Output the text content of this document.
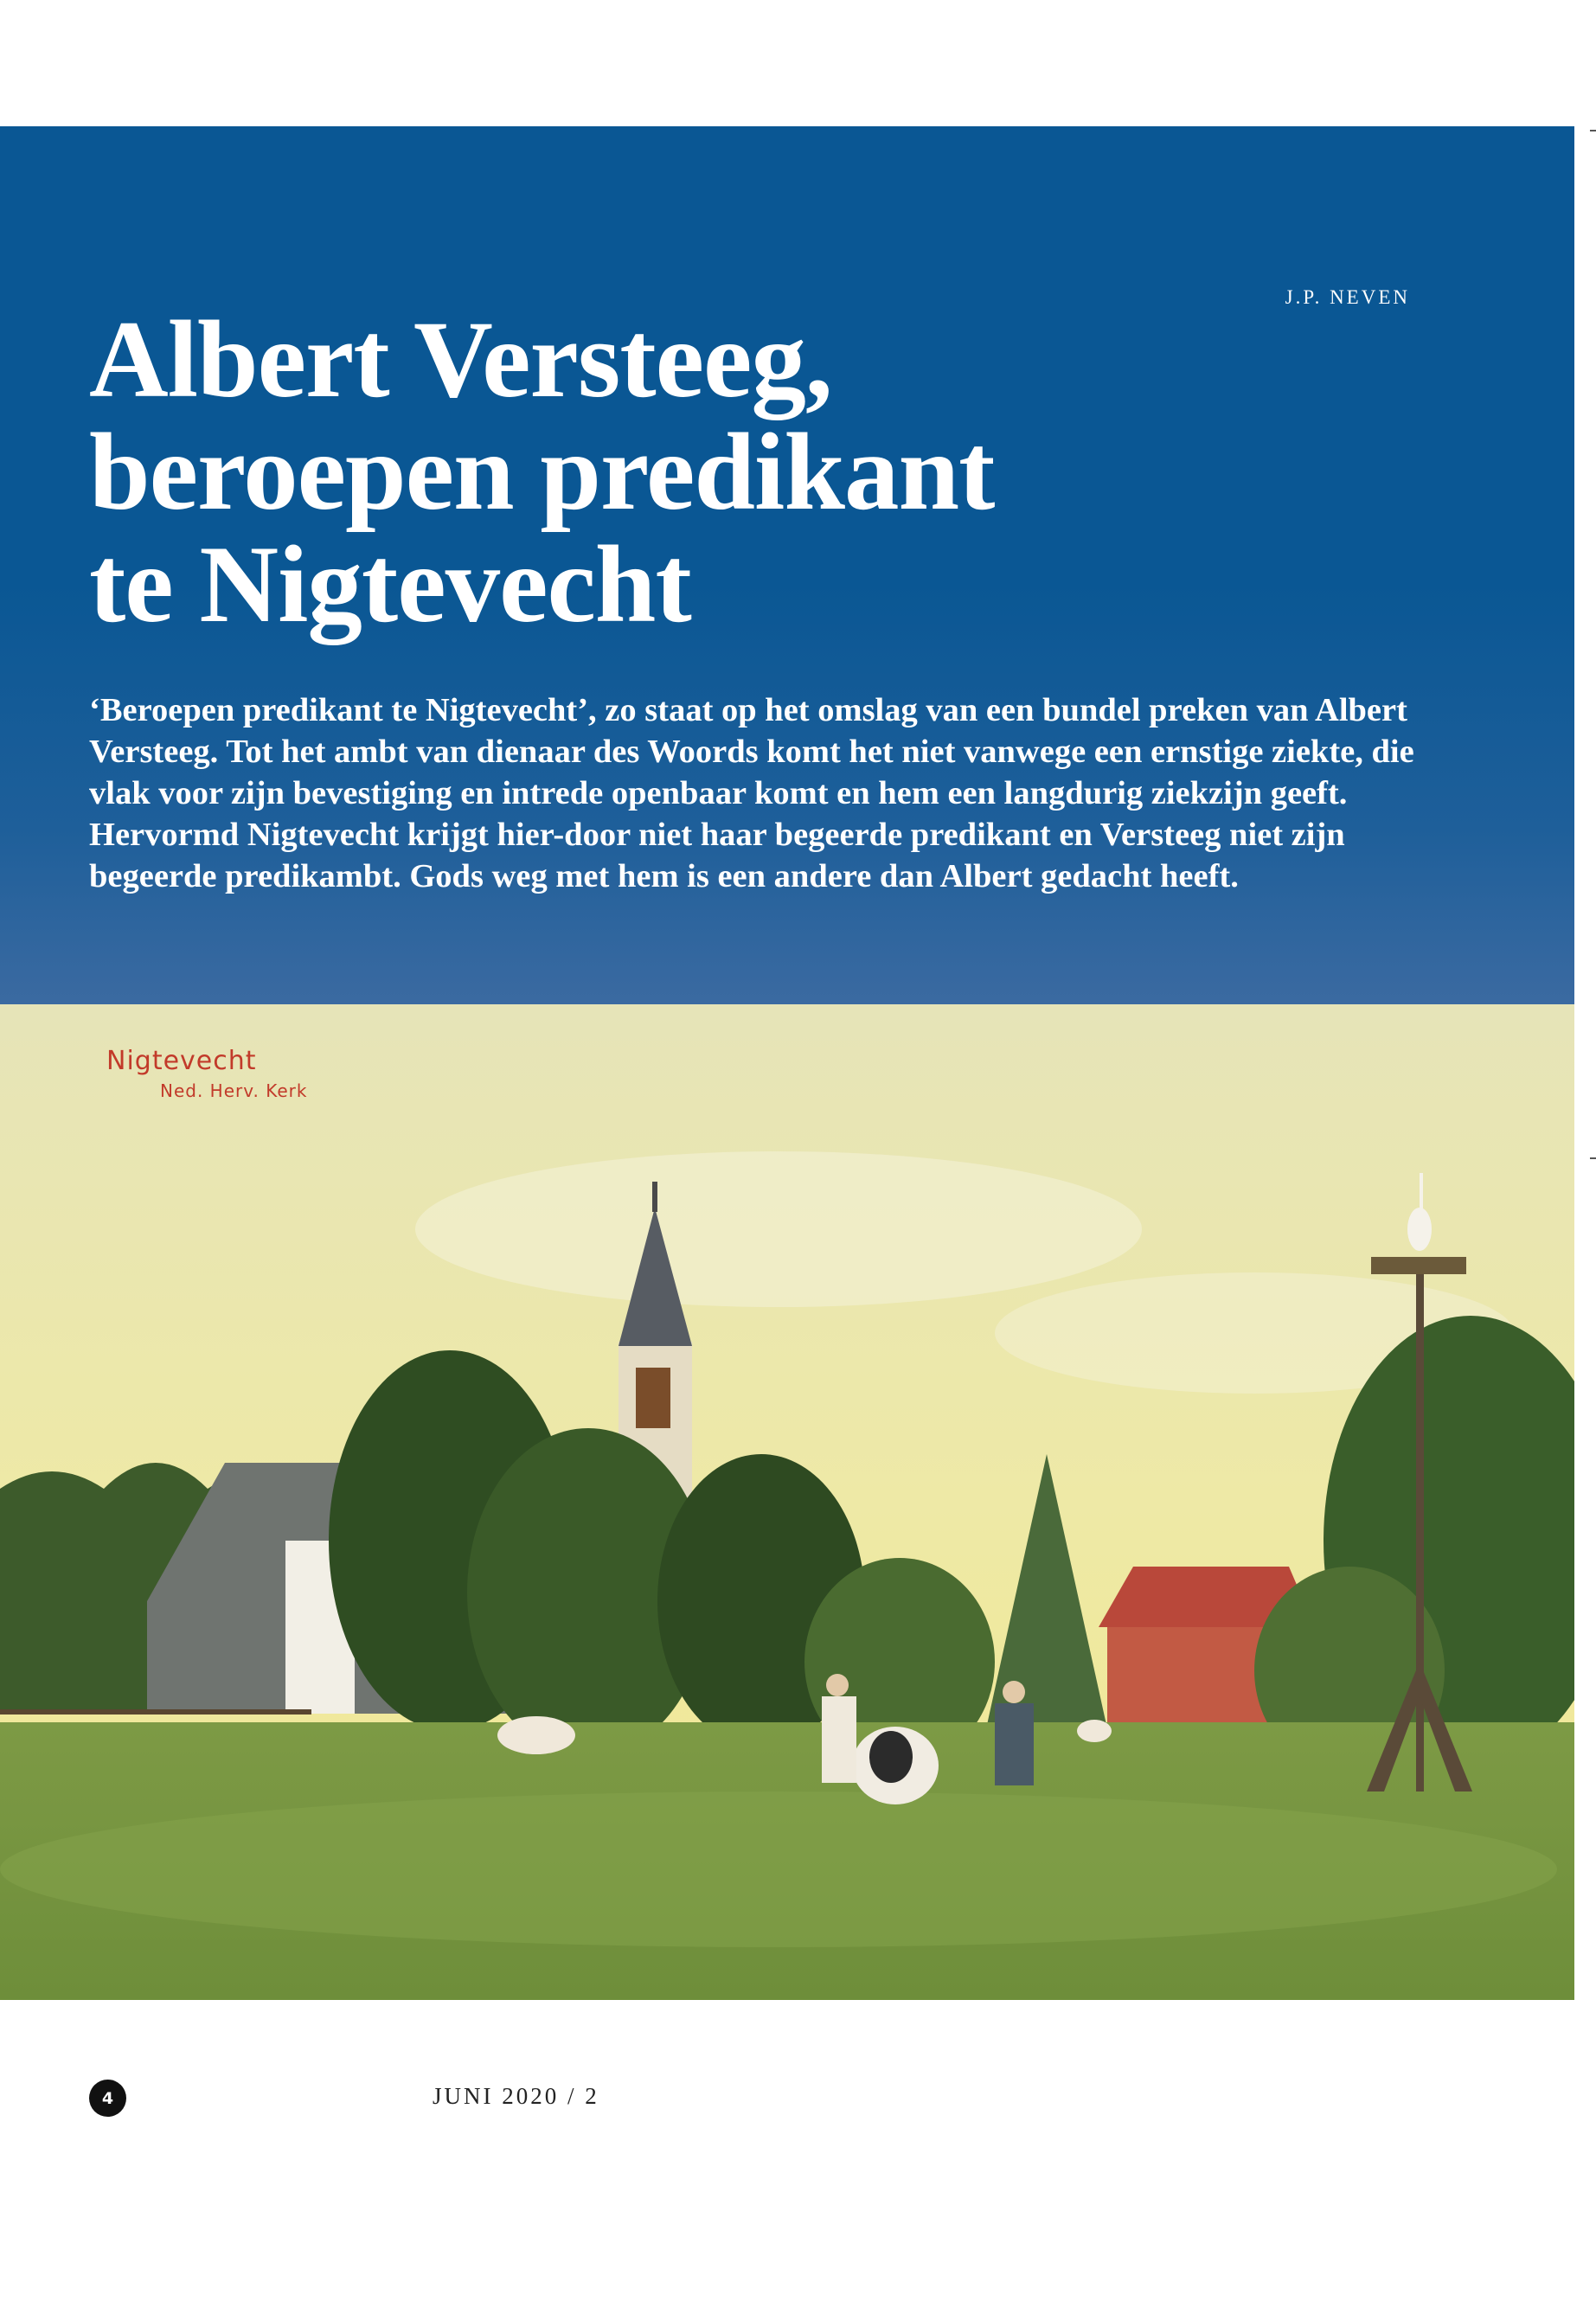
J.P. NEVEN
Albert Versteeg,
beroepen predikant
te Nigtevecht

‘Beroepen predikant te Nigtevecht’, zo staat op het omslag van een bundel preken van Albert Versteeg. Tot het ambt van dienaar des Woords komt het niet vanwege een ernstige ziekte, die vlak voor zijn bevestiging en intrede openbaar komt en hem een langdurig ziekzijn geeft. Hervormd Nigtevecht krijgt hier-door niet haar begeerde predikant en Versteeg niet zijn begeerde predikambt. Gods weg met hem is een andere dan Albert gedacht heeft.

Nigtevecht
Ned. Herv. Kerk
4	JUNI 2020 / 2
